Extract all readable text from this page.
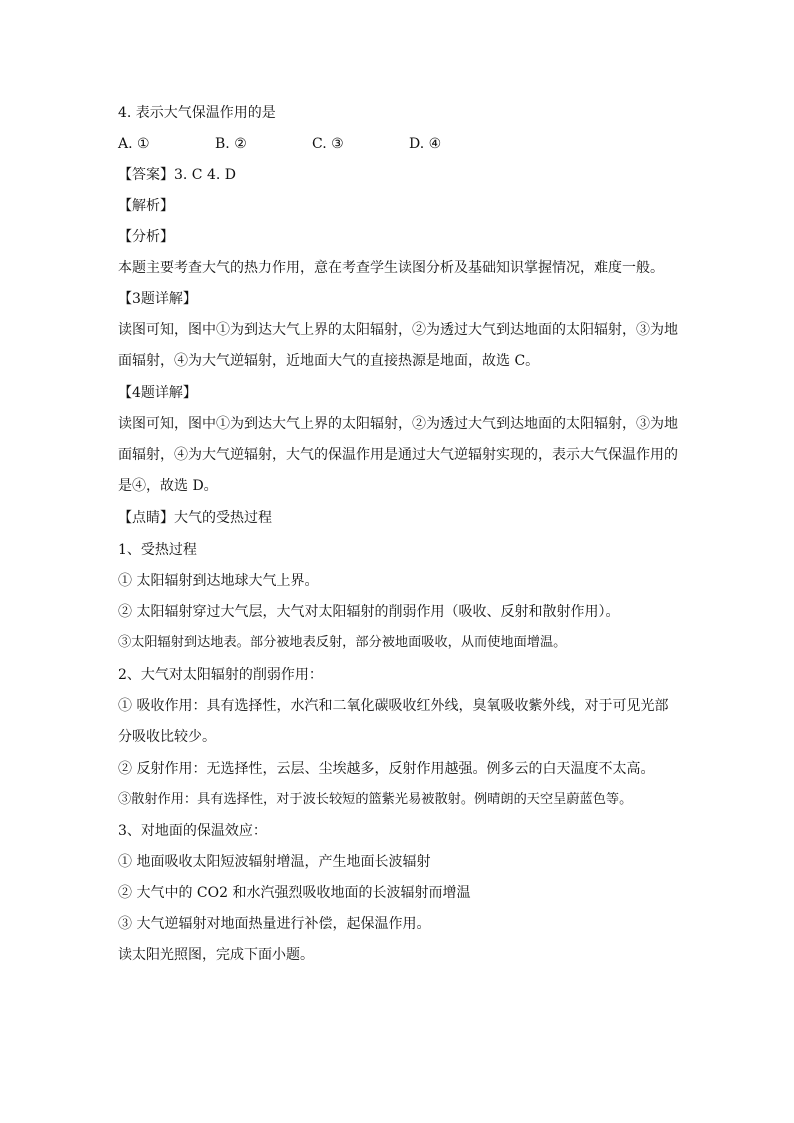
4. 表示大气保温作用的是
A. ①	B. ②	C. ③	D. ④
【答案】3. C 4. D
【解析】
【分析】
本题主要考查大气的热力作用，意在考查学生读图分析及基础知识掌握情况，难度一般。
【3题详解】
读图可知，图中①为到达大气上界的太阳辐射，②为透过大气到达地面的太阳辐射，③为地
面辐射，④为大气逆辐射，近地面大气的直接热源是地面，故选 C。
【4题详解】
读图可知，图中①为到达大气上界的太阳辐射，②为透过大气到达地面的太阳辐射，③为地
面辐射，④为大气逆辐射，大气的保温作用是通过大气逆辐射实现的，表示大气保温作用的
是④，故选 D。
【点睛】大气的受热过程
1、受热过程
① 太阳辐射到达地球大气上界。
② 太阳辐射穿过大气层，大气对太阳辐射的削弱作用（吸收、反射和散射作用）。
③太阳辐射到达地表。部分被地表反射，部分被地面吸收，从而使地面增温。
2、大气对太阳辐射的削弱作用：
① 吸收作用：具有选择性，水汽和二氧化碳吸收红外线，臭氧吸收紫外线，对于可见光部
分吸收比较少。
② 反射作用：无选择性，云层、尘埃越多，反射作用越强。例多云的白天温度不太高。
③散射作用：具有选择性，对于波长较短的篮紫光易被散射。例晴朗的天空呈蔚蓝色等。
3、对地面的保温效应：
① 地面吸收太阳短波辐射增温，产生地面长波辐射
② 大气中的 CO2 和水汽强烈吸收地面的长波辐射而增温
③ 大气逆辐射对地面热量进行补偿，起保温作用。
读太阳光照图，完成下面小题。
